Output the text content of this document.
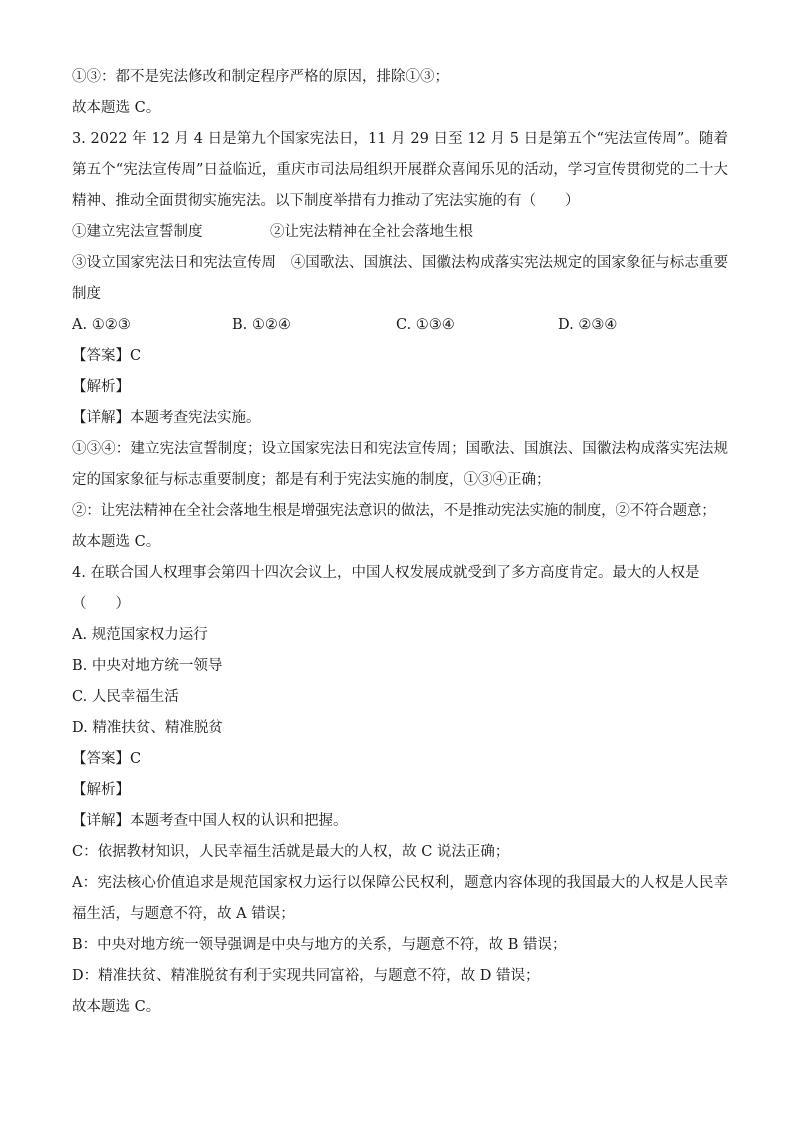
①③：都不是宪法修改和制定程序严格的原因，排除①③；
故本题选 C。
3. 2022 年 12 月 4 日是第九个国家宪法日，11 月 29 日至 12 月 5 日是第五个“宪法宣传周”。随着第五个“宪法宣传周”日益临近，重庆市司法局组织开展群众喜闻乐见的活动，学习宣传贯彻党的二十大精神、推动全面贯彻实施宪法。以下制度举措有力推动了宪法实施的有（　　）
①建立宪法宣誓制度	②让宪法精神在全社会落地生根
③设立国家宪法日和宪法宣传周　④国歌法、国旗法、国徽法构成落实宪法规定的国家象征与标志重要制度
A. ①②③	B. ①②④	C. ①③④	D. ②③④
【答案】C
【解析】
【详解】本题考查宪法实施。
①③④：建立宪法宣誓制度；设立国家宪法日和宪法宣传周；国歌法、国旗法、国徽法构成落实宪法规定的国家象征与标志重要制度；都是有利于宪法实施的制度，①③④正确；
②：让宪法精神在全社会落地生根是增强宪法意识的做法，不是推动宪法实施的制度，②不符合题意；
故本题选 C。
4. 在联合国人权理事会第四十四次会议上，中国人权发展成就受到了多方高度肯定。最大的人权是
（　　）
A. 规范国家权力运行
B. 中央对地方统一领导
C. 人民幸福生活
D. 精准扶贫、精准脱贫
【答案】C
【解析】
【详解】本题考查中国人权的认识和把握。
C：依据教材知识，人民幸福生活就是最大的人权，故 C 说法正确；
A：宪法核心价值追求是规范国家权力运行以保障公民权利，题意内容体现的我国最大的人权是人民幸福生活，与题意不符，故 A 错误；
B：中央对地方统一领导强调是中央与地方的关系，与题意不符，故 B 错误；
D：精准扶贫、精准脱贫有利于实现共同富裕，与题意不符，故 D 错误；
故本题选 C。
